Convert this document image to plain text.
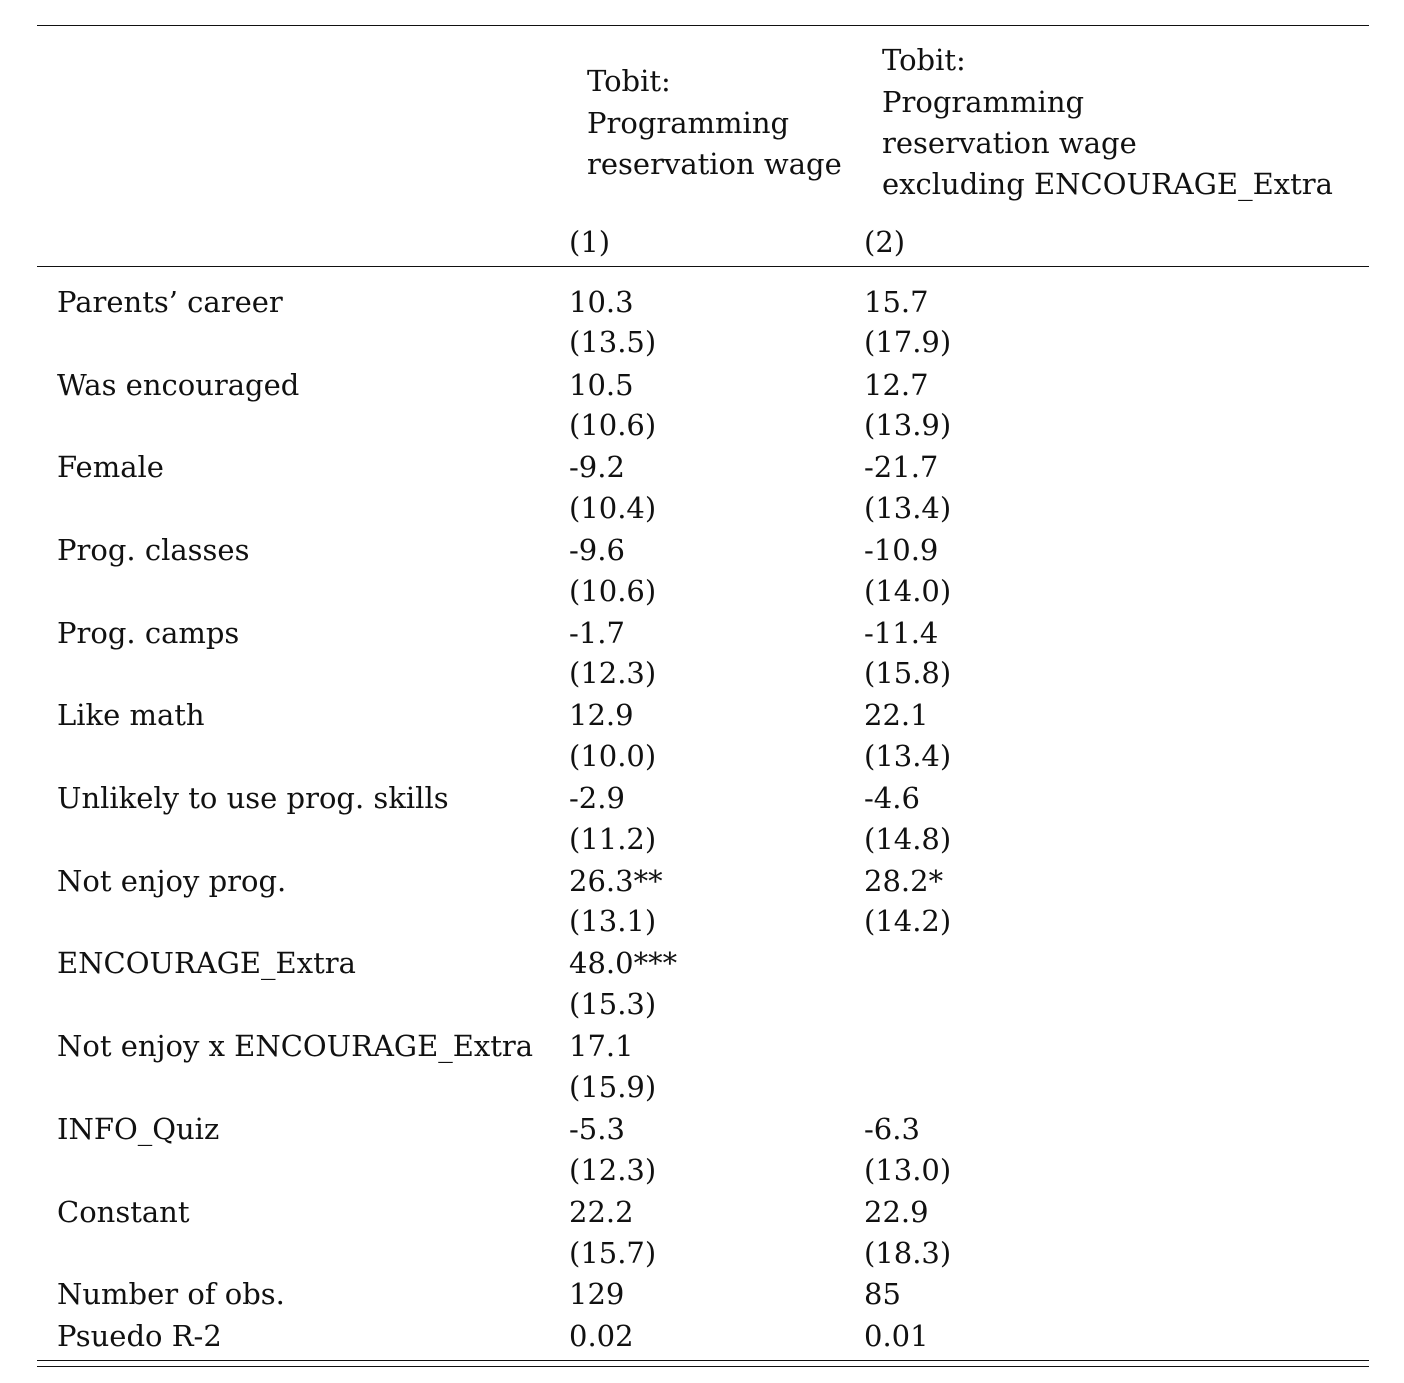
Tobit:
Programming
reservation wage
Tobit:
Programming
reservation wage
excluding ENCOURAGE_Extra
(1)	(2)
Parents’ career	10.3	15.7
(13.5)	(17.9)
Was encouraged	10.5	12.7
(10.6)	(13.9)
Female	-9.2	-21.7
(10.4)	(13.4)
Prog. classes	-9.6	-10.9
(10.6)	(14.0)
Prog. camps	-1.7	-11.4
(12.3)	(15.8)
Like math	12.9	22.1
(10.0)	(13.4)
Unlikely to use prog. skills	-2.9	-4.6
(11.2)	(14.8)
Not enjoy prog.	26.3**	28.2*
(13.1)	(14.2)
ENCOURAGE_Extra	48.0***
(15.3)
Not enjoy x ENCOURAGE_Extra 17.1
(15.9)
INFO_Quiz	-5.3	-6.3
(12.3)	(13.0)
Constant	22.2	22.9
(15.7)	(18.3)
Number of obs.	129	85
Psuedo R-2	0.02	0.01
